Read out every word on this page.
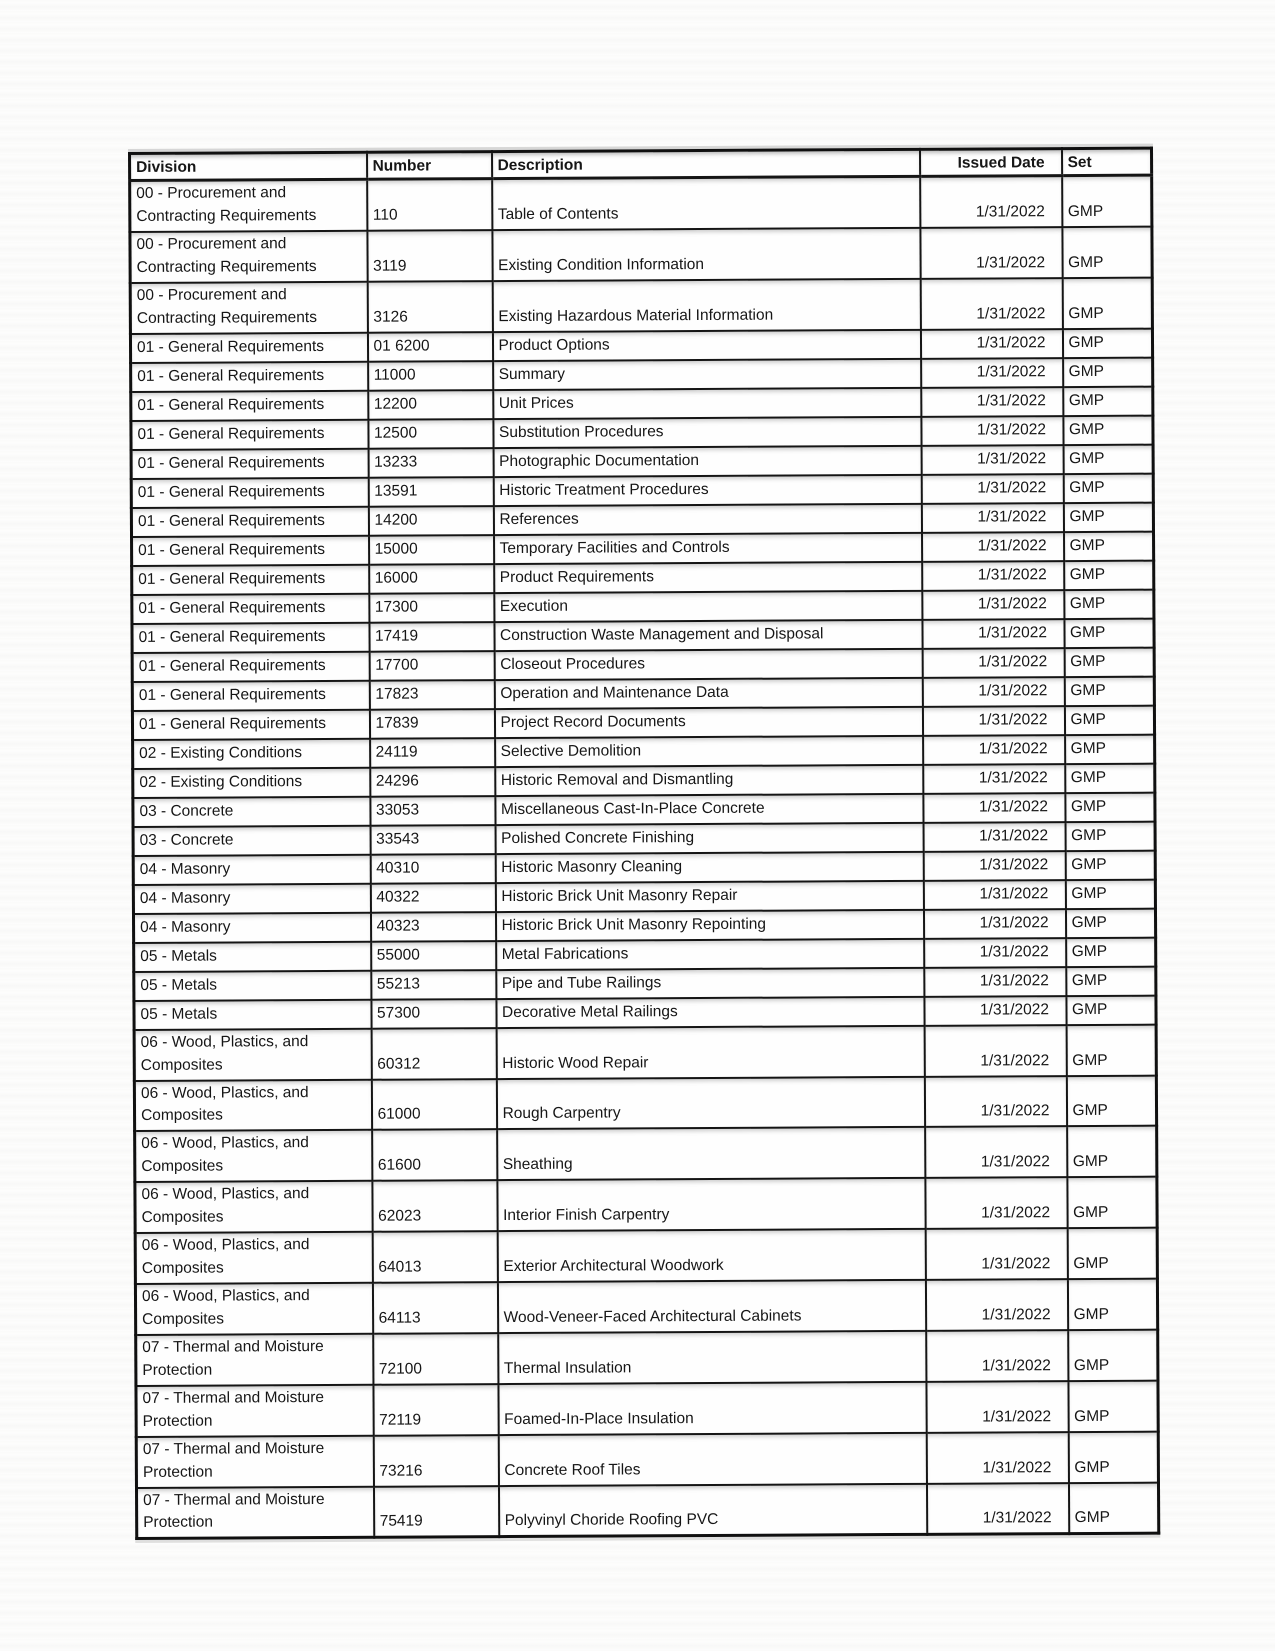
Division	Number	Description	Issued Date	Set
00 - Procurement and Contracting Requirements	110	Table of Contents	1/31/2022	GMP
00 - Procurement and Contracting Requirements	3119	Existing Condition Information	1/31/2022	GMP
00 - Procurement and Contracting Requirements	3126	Existing Hazardous Material Information	1/31/2022	GMP
01 - General Requirements	01 6200	Product Options	1/31/2022	GMP
01 - General Requirements	11000	Summary	1/31/2022	GMP
01 - General Requirements	12200	Unit Prices	1/31/2022	GMP
01 - General Requirements	12500	Substitution Procedures	1/31/2022	GMP
01 - General Requirements	13233	Photographic Documentation	1/31/2022	GMP
01 - General Requirements	13591	Historic Treatment Procedures	1/31/2022	GMP
01 - General Requirements	14200	References	1/31/2022	GMP
01 - General Requirements	15000	Temporary Facilities and Controls	1/31/2022	GMP
01 - General Requirements	16000	Product Requirements	1/31/2022	GMP
01 - General Requirements	17300	Execution	1/31/2022	GMP
01 - General Requirements	17419	Construction Waste Management and Disposal	1/31/2022	GMP
01 - General Requirements	17700	Closeout Procedures	1/31/2022	GMP
01 - General Requirements	17823	Operation and Maintenance Data	1/31/2022	GMP
01 - General Requirements	17839	Project Record Documents	1/31/2022	GMP
02 - Existing Conditions	24119	Selective Demolition	1/31/2022	GMP
02 - Existing Conditions	24296	Historic Removal and Dismantling	1/31/2022	GMP
03 - Concrete	33053	Miscellaneous Cast-In-Place Concrete	1/31/2022	GMP
03 - Concrete	33543	Polished Concrete Finishing	1/31/2022	GMP
04 - Masonry	40310	Historic Masonry Cleaning	1/31/2022	GMP
04 - Masonry	40322	Historic Brick Unit Masonry Repair	1/31/2022	GMP
04 - Masonry	40323	Historic Brick Unit Masonry Repointing	1/31/2022	GMP
05 - Metals	55000	Metal Fabrications	1/31/2022	GMP
05 - Metals	55213	Pipe and Tube Railings	1/31/2022	GMP
05 - Metals	57300	Decorative Metal Railings	1/31/2022	GMP
06 - Wood, Plastics, and Composites	60312	Historic Wood Repair	1/31/2022	GMP
06 - Wood, Plastics, and Composites	61000	Rough Carpentry	1/31/2022	GMP
06 - Wood, Plastics, and Composites	61600	Sheathing	1/31/2022	GMP
06 - Wood, Plastics, and Composites	62023	Interior Finish Carpentry	1/31/2022	GMP
06 - Wood, Plastics, and Composites	64013	Exterior Architectural Woodwork	1/31/2022	GMP
06 - Wood, Plastics, and Composites	64113	Wood-Veneer-Faced Architectural Cabinets	1/31/2022	GMP
07 - Thermal and Moisture Protection	72100	Thermal Insulation	1/31/2022	GMP
07 - Thermal and Moisture Protection	72119	Foamed-In-Place Insulation	1/31/2022	GMP
07 - Thermal and Moisture Protection	73216	Concrete Roof Tiles	1/31/2022	GMP
07 - Thermal and Moisture Protection	75419	Polyvinyl Choride Roofing PVC	1/31/2022	GMP
